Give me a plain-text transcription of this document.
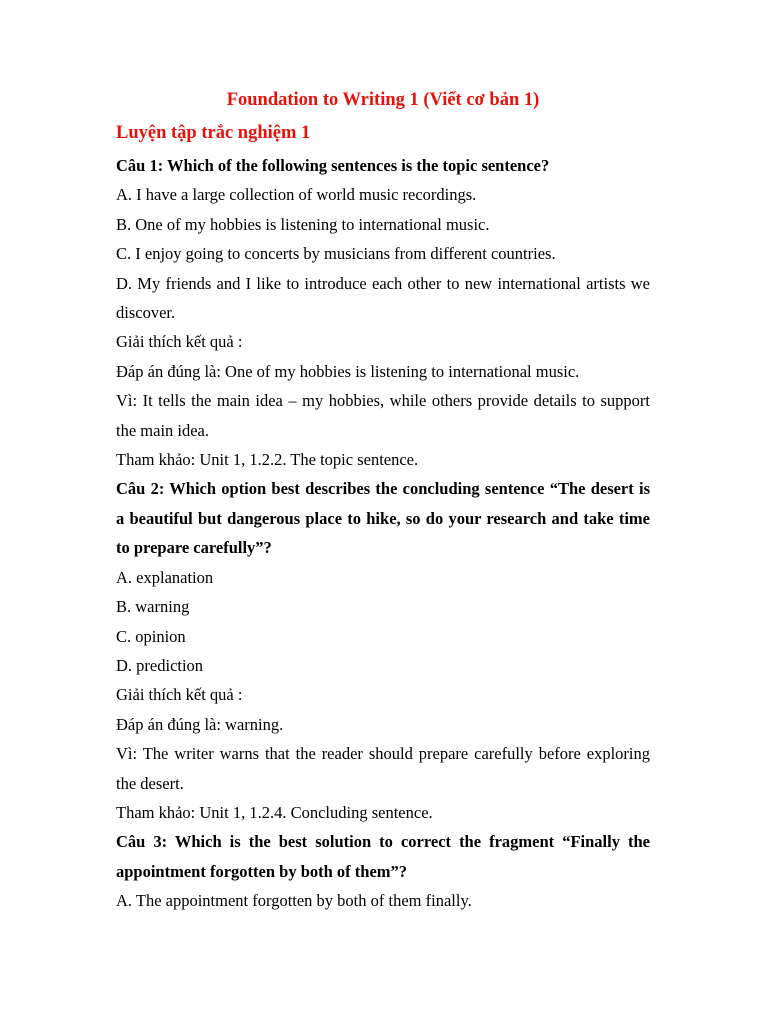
Foundation to Writing 1 (Viết cơ bản 1)

Luyện tập trắc nghiệm 1

Câu 1: Which of the following sentences is the topic sentence?

A. I have a large collection of world music recordings.

B. One of my hobbies is listening to international music.

C. I enjoy going to concerts by musicians from different countries.

D. My friends and I like to introduce each other to new international artists we discover.

Giải thích kết quả :

Đáp án đúng là: One of my hobbies is listening to international music.

Vì: It tells the main idea – my hobbies, while others provide details to support the main idea.

Tham khảo: Unit 1, 1.2.2. The topic sentence.

Câu 2: Which option best describes the concluding sentence “The desert is a beautiful but dangerous place to hike, so do your research and take time to prepare carefully”?

A. explanation

B. warning

C. opinion

D. prediction

Giải thích kết quả :

Đáp án đúng là: warning.

Vì: The writer warns that the reader should prepare carefully before exploring the desert.

Tham khảo: Unit 1, 1.2.4. Concluding sentence.

Câu 3: Which is the best solution to correct the fragment “Finally the appointment forgotten by both of them”?

A. The appointment forgotten by both of them finally.
